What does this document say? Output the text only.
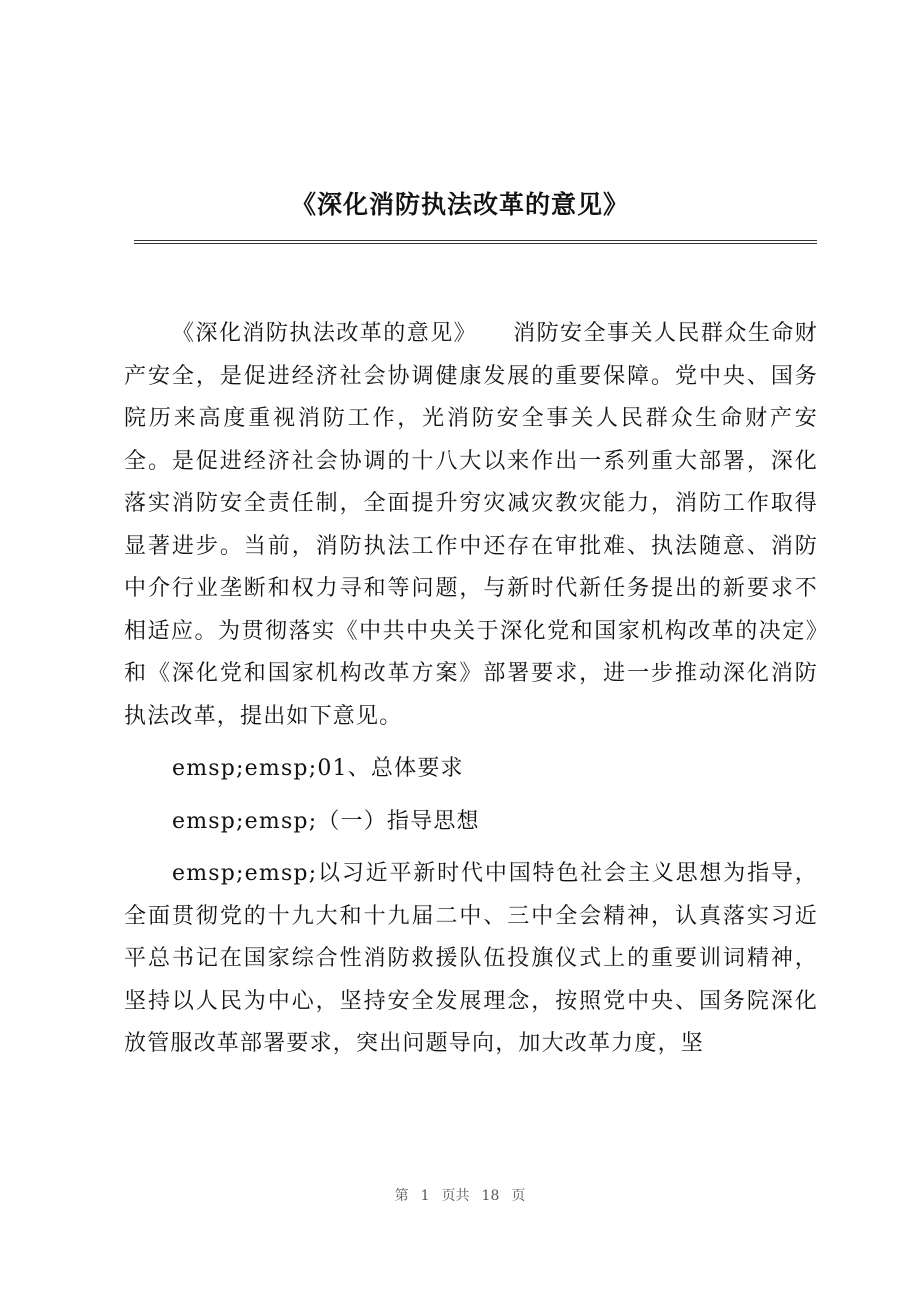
《深化消防执法改革的意见》

《深化消防执法改革的意见》　　消防安全事关人民群众生命财产安全，是促进经济社会协调健康发展的重要保障。党中央、国务院历来高度重视消防工作，光消防安全事关人民群众生命财产安全。是促进经济社会协调的十八大以来作出一系列重大部署，深化落实消防安全责任制，全面提升穷灾减灾教灾能力，消防工作取得显著进步。当前，消防执法工作中还存在审批难、执法随意、消防中介行业垄断和权力寻和等问题，与新时代新任务提出的新要求不相适应。为贯彻落实《中共中央关于深化党和国家机构改革的决定》和《深化党和国家机构改革方案》部署要求，进一步推动深化消防执法改革，提出如下意见。

emsp;emsp;01、总体要求

emsp;emsp;（一）指导思想

emsp;emsp;以习近平新时代中国特色社会主义思想为指导，全面贯彻党的十九大和十九届二中、三中全会精神，认真落实习近平总书记在国家综合性消防救援队伍投旗仪式上的重要训词精神，坚持以人民为中心，坚持安全发展理念，按照党中央、国务院深化放管服改革部署要求，突出问题导向，加大改革力度，坚

第 1 页共 18 页
